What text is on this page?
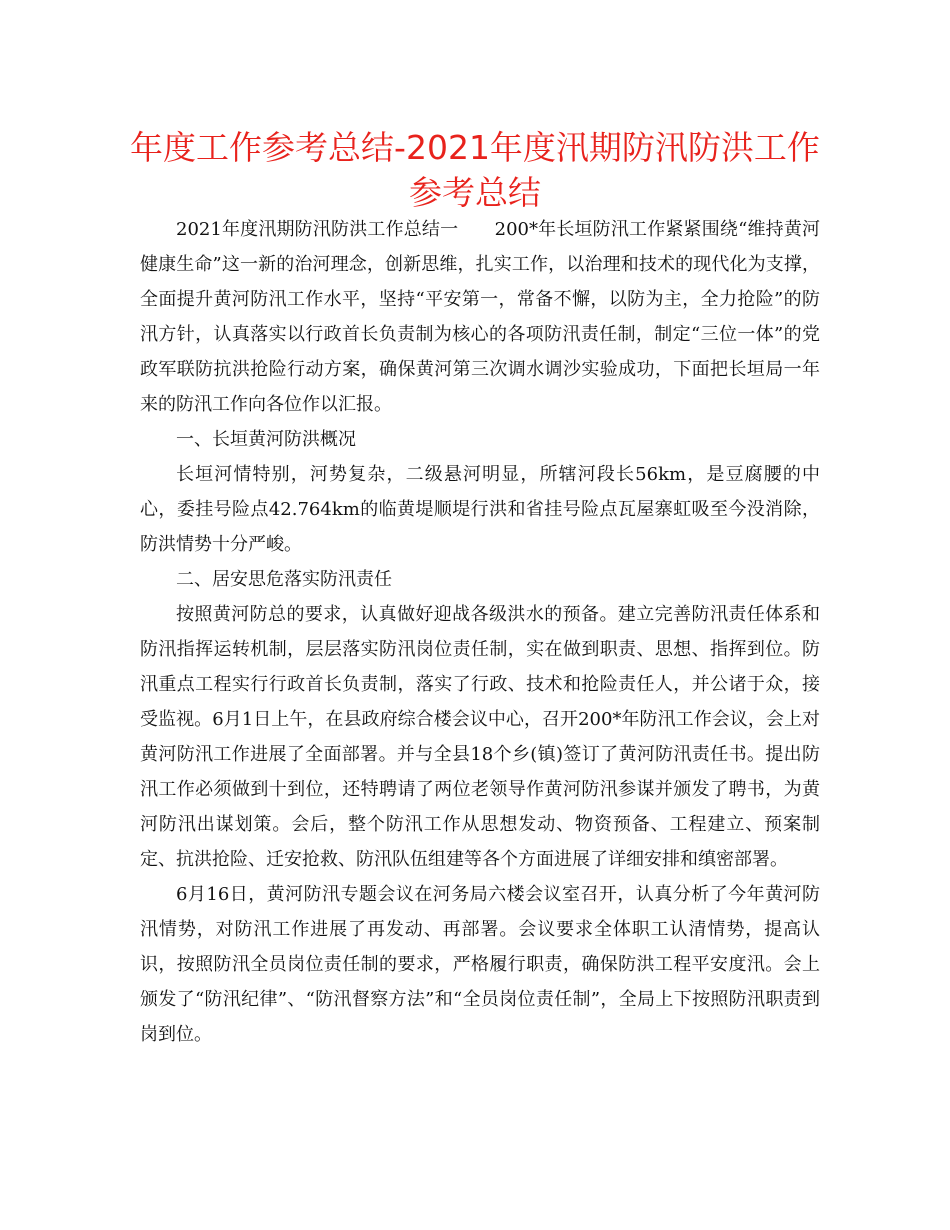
年度工作参考总结-2021年度汛期防汛防洪工作
参考总结

2021年度汛期防汛防洪工作总结一　　200*年长垣防汛工作紧紧围绕“维持黄河健康生命”这一新的治河理念，创新思维，扎实工作，以治理和技术的现代化为支撑，全面提升黄河防汛工作水平，坚持“平安第一，常备不懈，以防为主，全力抢险”的防汛方针，认真落实以行政首长负责制为核心的各项防汛责任制，制定“三位一体”的党政军联防抗洪抢险行动方案，确保黄河第三次调水调沙实验成功，下面把长垣局一年来的防汛工作向各位作以汇报。

一、长垣黄河防洪概况

长垣河情特别，河势复杂，二级悬河明显，所辖河段长56km，是豆腐腰的中心，委挂号险点42.764km的临黄堤顺堤行洪和省挂号险点瓦屋寨虹吸至今没消除，防洪情势十分严峻。

二、居安思危落实防汛责任

按照黄河防总的要求，认真做好迎战各级洪水的预备。建立完善防汛责任体系和防汛指挥运转机制，层层落实防汛岗位责任制，实在做到职责、思想、指挥到位。防汛重点工程实行行政首长负责制，落实了行政、技术和抢险责任人，并公诸于众，接受监视。6月1日上午，在县政府综合楼会议中心，召开200*年防汛工作会议，会上对黄河防汛工作进展了全面部署。并与全县18个乡(镇)签订了黄河防汛责任书。提出防汛工作必须做到十到位，还特聘请了两位老领导作黄河防汛参谋并颁发了聘书，为黄河防汛出谋划策。会后，整个防汛工作从思想发动、物资预备、工程建立、预案制定、抗洪抢险、迁安抢救、防汛队伍组建等各个方面进展了详细安排和缜密部署。

6月16日，黄河防汛专题会议在河务局六楼会议室召开，认真分析了今年黄河防汛情势，对防汛工作进展了再发动、再部署。会议要求全体职工认清情势，提高认识，按照防汛全员岗位责任制的要求，严格履行职责，确保防洪工程平安度汛。会上颁发了“防汛纪律”、“防汛督察方法”和“全员岗位责任制”，全局上下按照防汛职责到岗到位。
